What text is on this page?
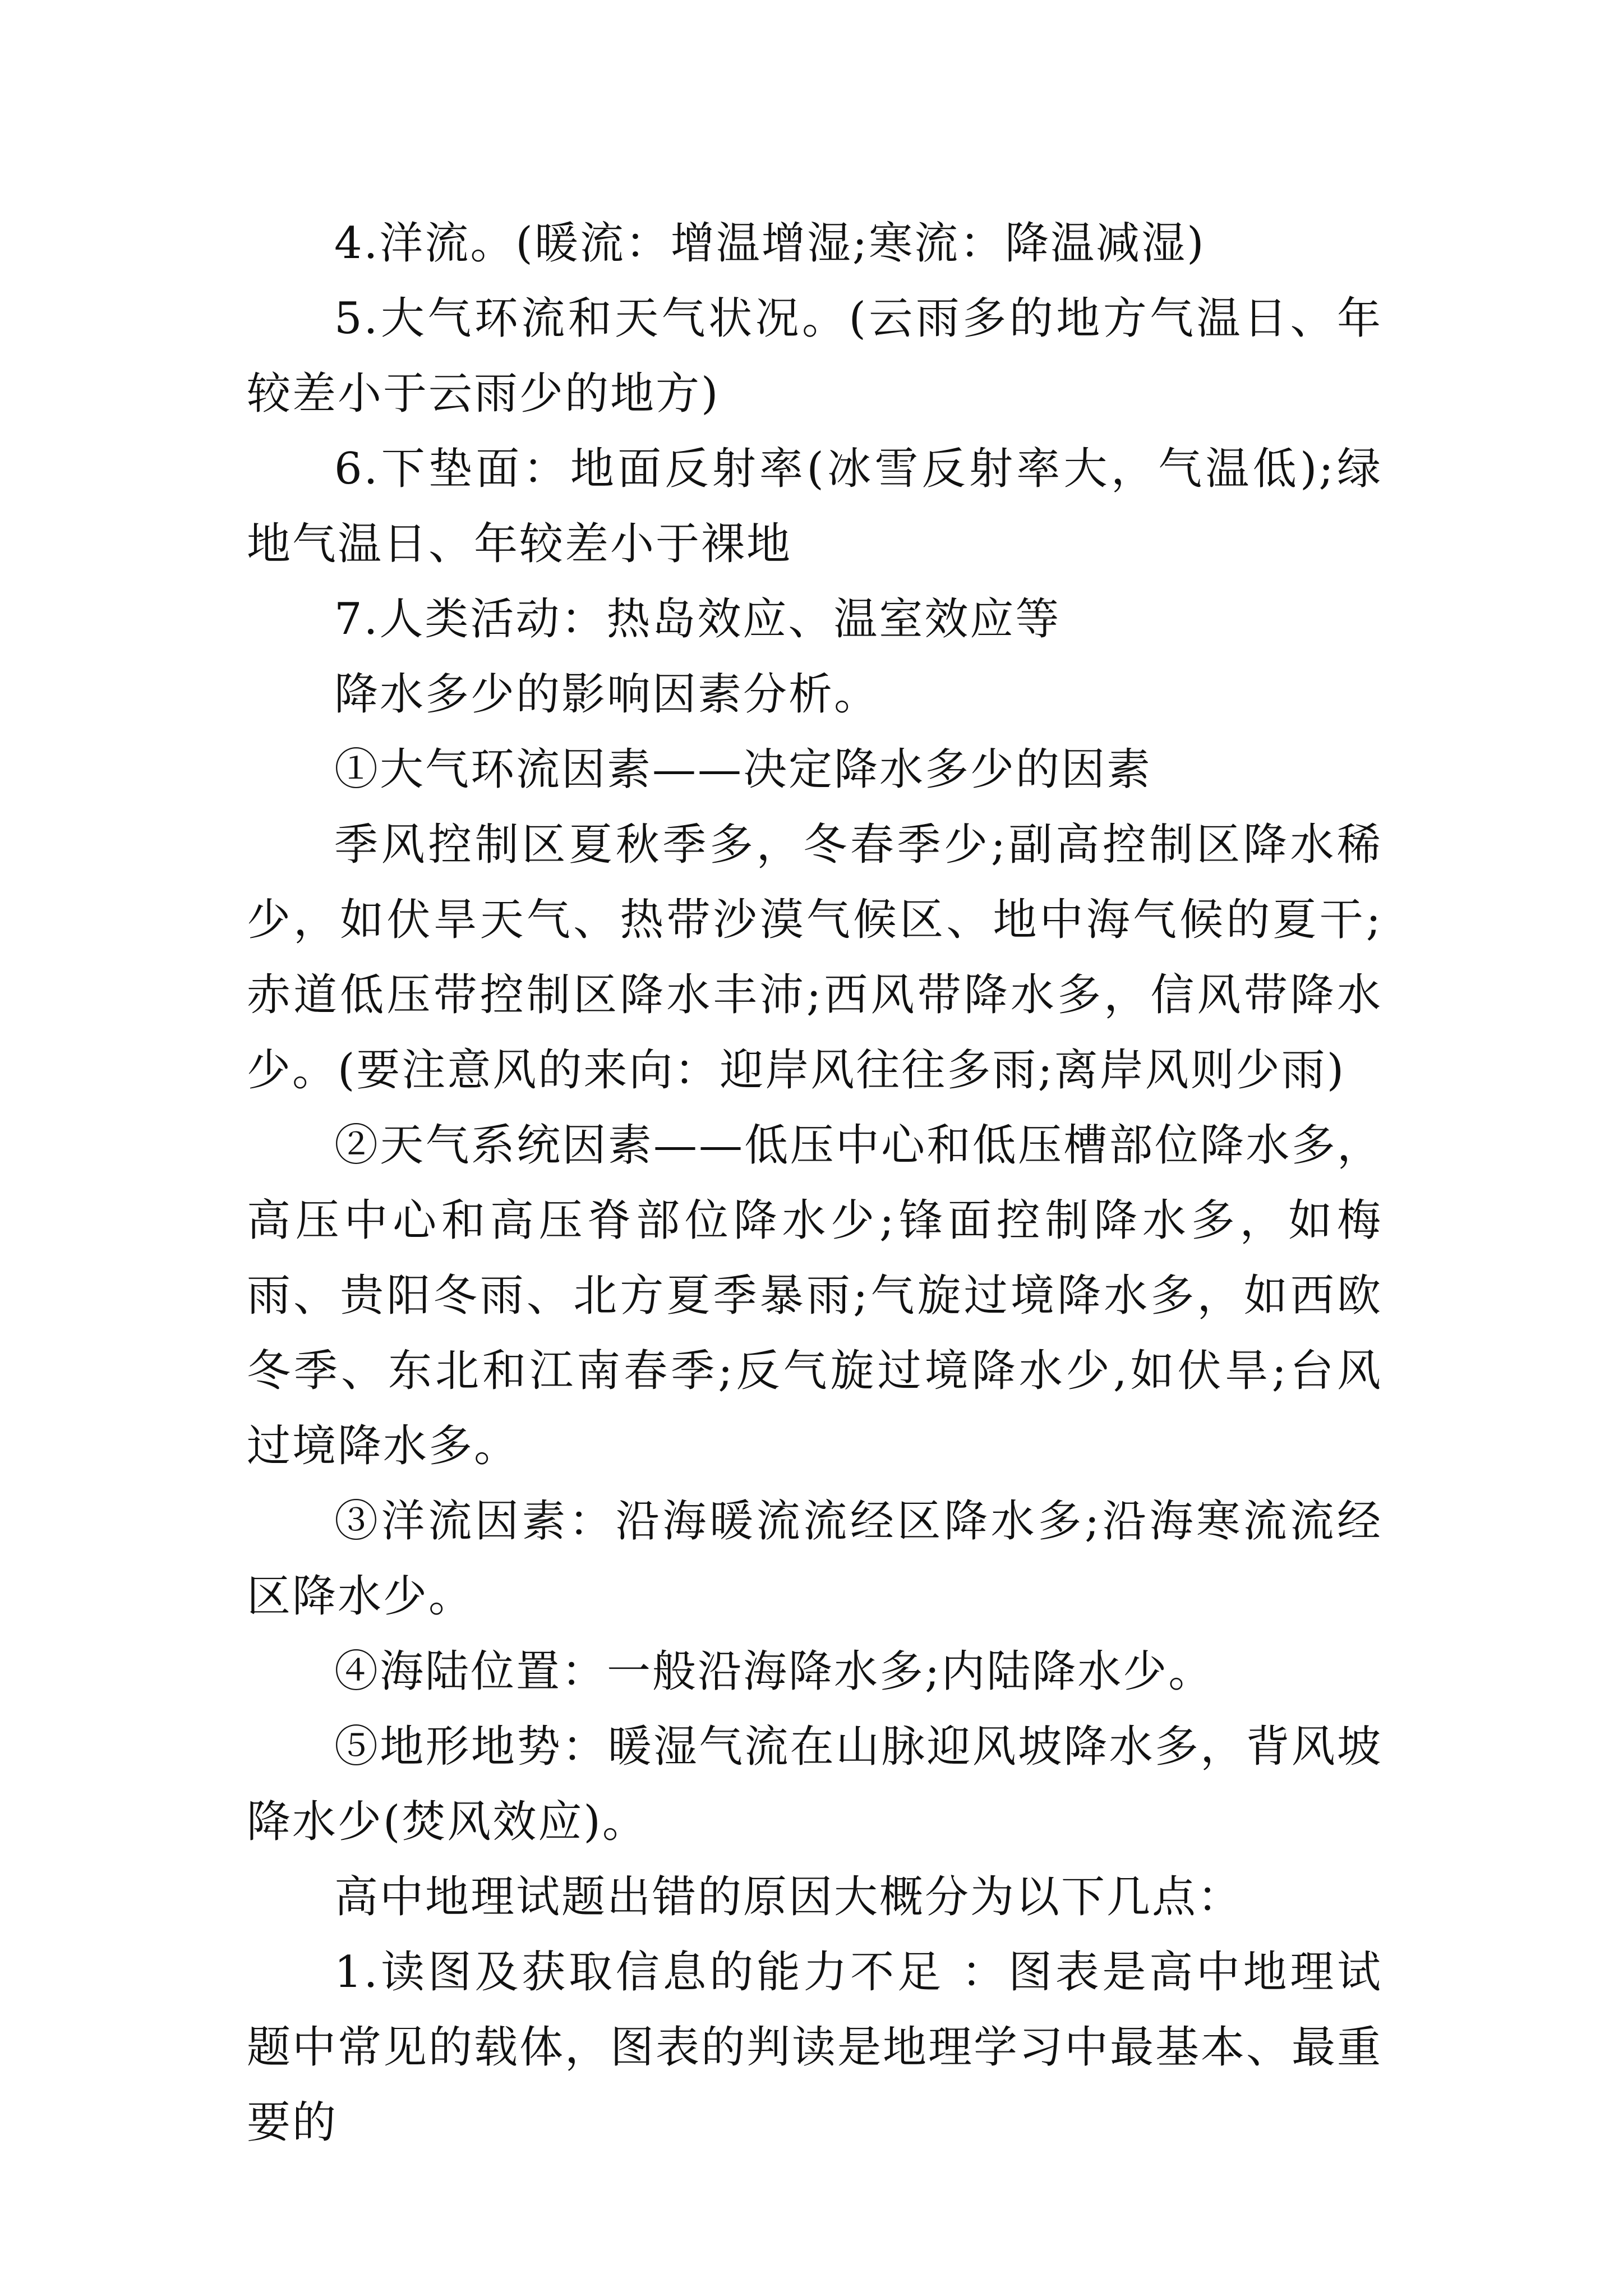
4.洋流。(暖流：增温增湿;寒流：降温减湿)

5.大气环流和天气状况。(云雨多的地方气温日、年较差小于云雨少的地方)

6.下垫面：地面反射率(冰雪反射率大，气温低);绿地气温日、年较差小于裸地

7.人类活动：热岛效应、温室效应等

降水多少的影响因素分析。

①大气环流因素——决定降水多少的因素

季风控制区夏秋季多，冬春季少;副高控制区降水稀少，如伏旱天气、热带沙漠气候区、地中海气候的夏干;赤道低压带控制区降水丰沛;西风带降水多，信风带降水少。(要注意风的来向：迎岸风往往多雨;离岸风则少雨)

②天气系统因素——低压中心和低压槽部位降水多，高压中心和高压脊部位降水少;锋面控制降水多，如梅雨、贵阳冬雨、北方夏季暴雨;气旋过境降水多，如西欧冬季、东北和江南春季;反气旋过境降水少,如伏旱;台风过境降水多。

③洋流因素：沿海暖流流经区降水多;沿海寒流流经区降水少。

④海陆位置：一般沿海降水多;内陆降水少。

⑤地形地势：暖湿气流在山脉迎风坡降水多，背风坡降水少(焚风效应)。

高中地理试题出错的原因大概分为以下几点：

1.读图及获取信息的能力不足 ：图表是高中地理试题中常见的载体，图表的判读是地理学习中最基本、最重要的
